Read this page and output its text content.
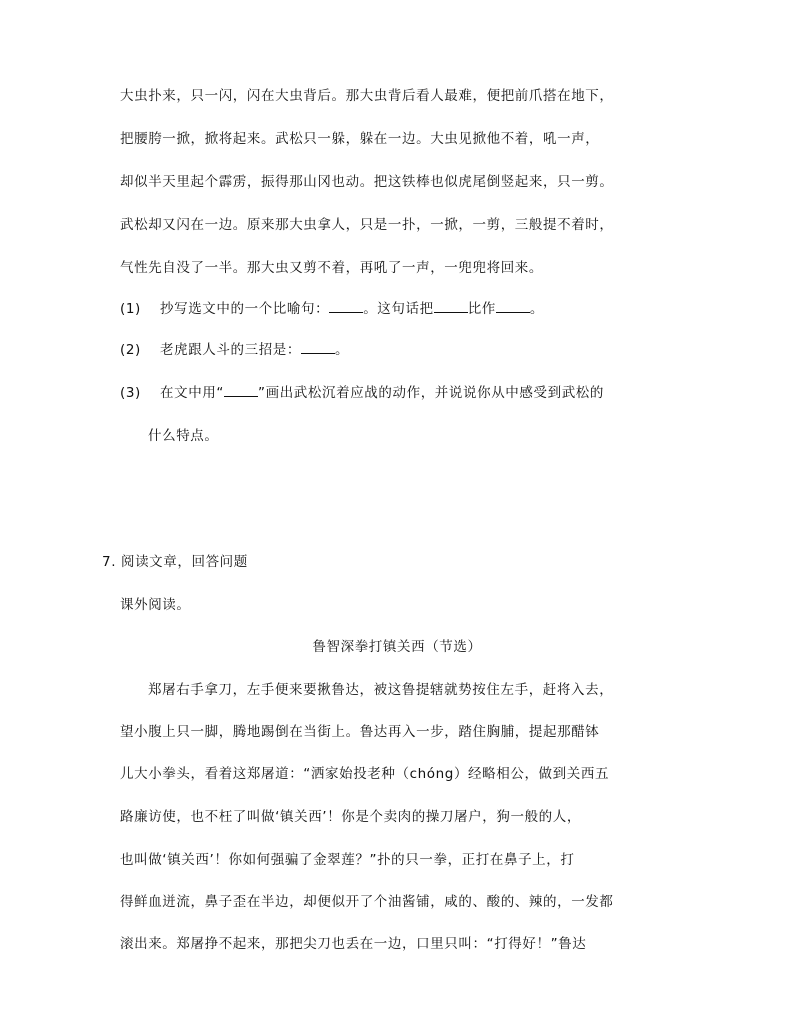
大虫扑来，只一闪，闪在大虫背后。那大虫背后看人最难，便把前爪搭在地下，
把腰胯一掀，掀将起来。武松只一躲，躲在一边。大虫见掀他不着，吼一声，
却似半天里起个霹雳，振得那山冈也动。把这铁棒也似虎尾倒竖起来，只一剪。
武松却又闪在一边。原来那大虫拿人，只是一扑，一掀，一剪，三般提不着时，
气性先自没了一半。那大虫又剪不着，再吼了一声，一兜兜将回来。
(1) 抄写选文中的一个比喻句：	。这句话把	比作	。
(2) 老虎跟人斗的三招是：	。
(3) 在文中用“	”画出武松沉着应战的动作，并说说你从中感受到武松的
什么特点。
7. 阅读文章，回答问题
课外阅读。
鲁智深拳打镇关西（节选）
郑屠右手拿刀，左手便来要揪鲁达，被这鲁提辖就势按住左手，赶将入去，
望小腹上只一脚，腾地踢倒在当街上。鲁达再入一步，踏住胸脯，提起那醋钵
儿大小拳头，看着这郑屠道：“洒家始投老种（chóng）经略相公，做到关西五
路廉访使，也不枉了叫做‘镇关西’！你是个卖肉的操刀屠户，狗一般的人，
也叫做‘镇关西’！你如何强骗了金翠莲？”扑的只一拳，正打在鼻子上，打
得鲜血迸流，鼻子歪在半边，却便似开了个油酱铺，咸的、酸的、辣的，一发都
滚出来。郑屠挣不起来，那把尖刀也丢在一边，口里只叫：“打得好！”鲁达
